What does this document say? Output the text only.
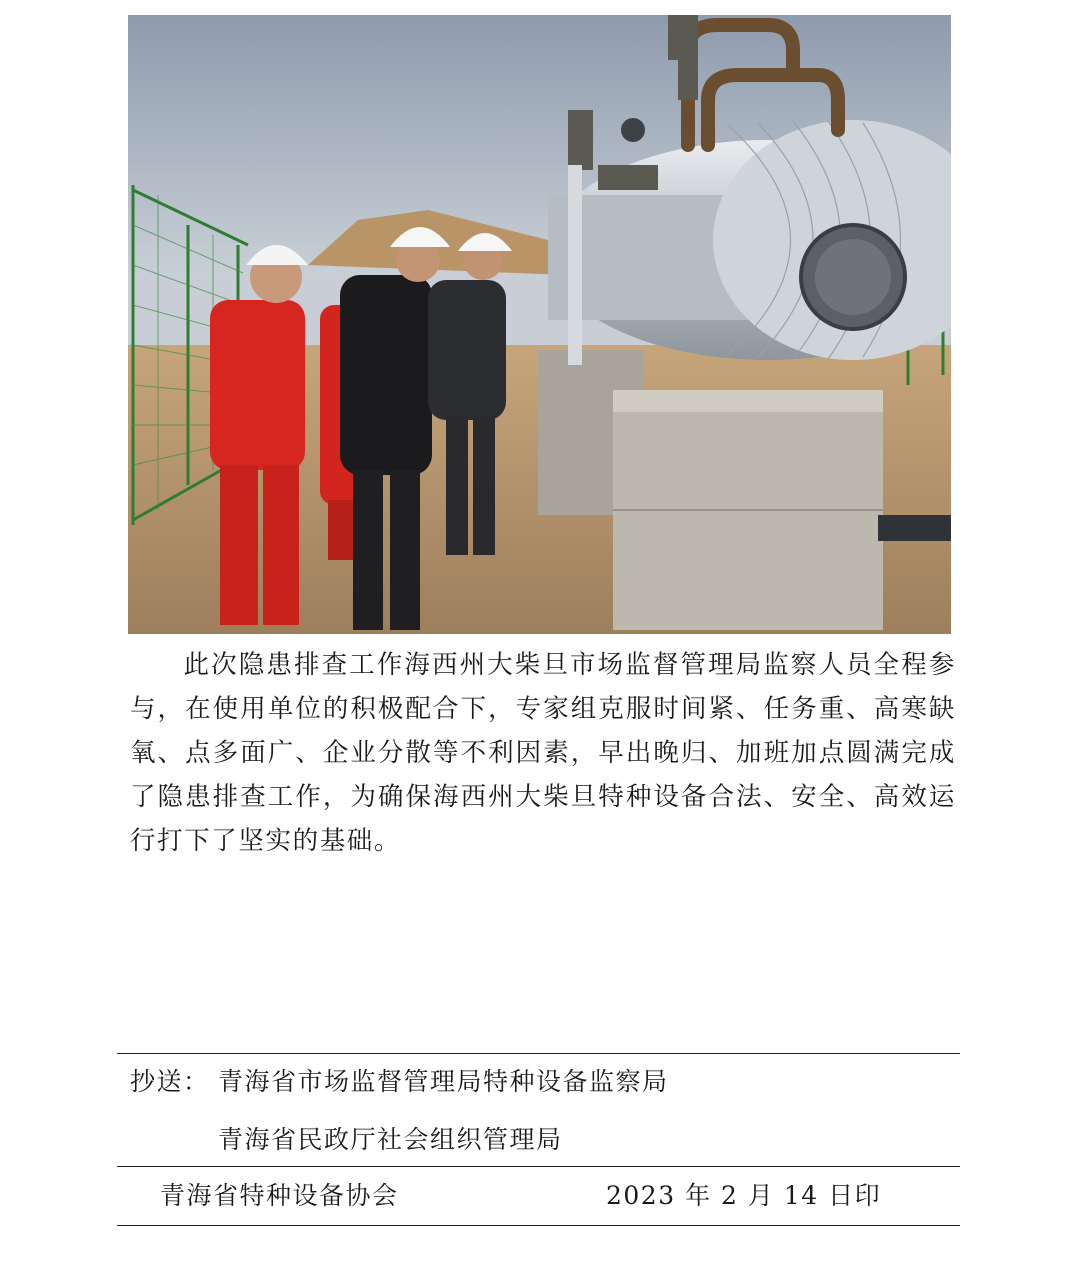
此次隐患排查工作海西州大柴旦市场监督管理局监察人员全程参与，在使用单位的积极配合下，专家组克服时间紧、任务重、高寒缺氧、点多面广、企业分散等不利因素，早出晚归、加班加点圆满完成了隐患排查工作，为确保海西州大柴旦特种设备合法、安全、高效运行打下了坚实的基础。

抄送： 青海省市场监督管理局特种设备监察局
青海省民政厅社会组织管理局
青海省特种设备协会	2023 年 2 月 14 日印
